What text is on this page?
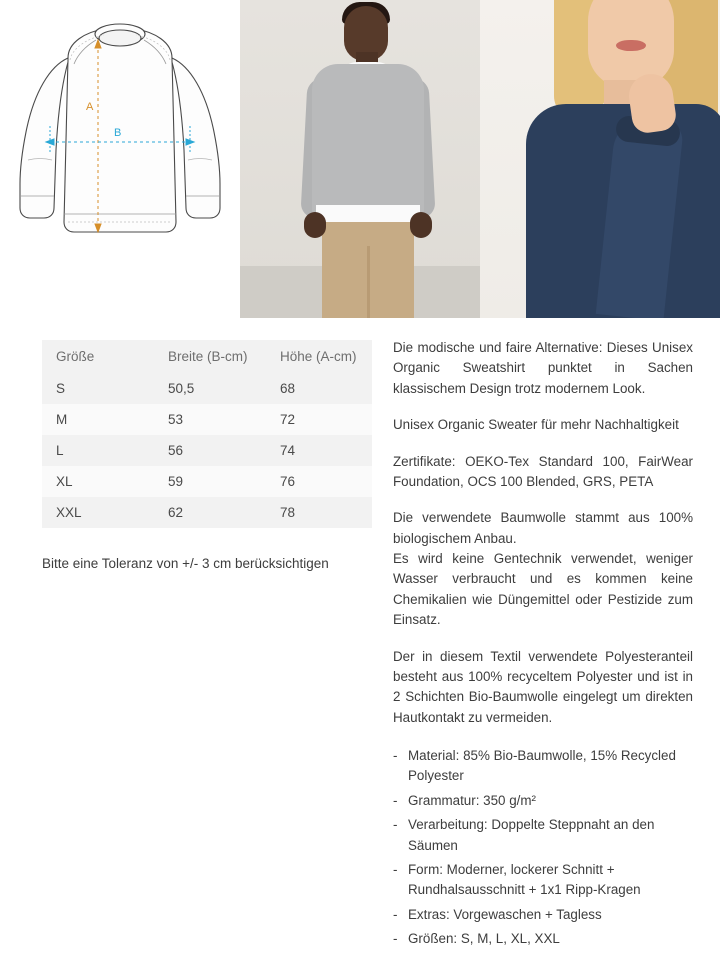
A
B
Größe	Breite (B-cm)	Höhe (A-cm)
S	50,5	68
M	53	72
L	56	74
XL	59	76
XXL	62	78
Bitte eine Toleranz von +/- 3 cm berücksichtigen

Die modische und faire Alternative: Dieses Unisex Organic Sweatshirt punktet in Sachen klassischem Design trotz modernem Look.

Unisex Organic Sweater für mehr Nachhaltigkeit

Zertifikate: OEKO-Tex Standard 100, FairWear Foundation, OCS 100 Blended, GRS, PETA

Die verwendete Baumwolle stammt aus 100% biologischem Anbau.

Es wird keine Gentechnik verwendet, weniger Wasser verbraucht und es kommen keine Chemikalien wie Düngemittel oder Pestizide zum Einsatz.

Der in diesem Textil verwendete Polyesteranteil besteht aus 100% recyceltem Polyester und ist in 2 Schichten Bio-Baumwolle eingelegt um direkten Hautkontakt zu vermeiden.

- Material: 85% Bio-Baumwolle, 15% Recycled Polyester
- Grammatur: 350 g/m²
- Verarbeitung: Doppelte Steppnaht an den Säumen
- Form: Moderner, lockerer Schnitt + Rundhalsausschnitt + 1x1 Ripp-Kragen
- Extras: Vorgewaschen + Tagless
- Größen: S, M, L, XL, XXL
